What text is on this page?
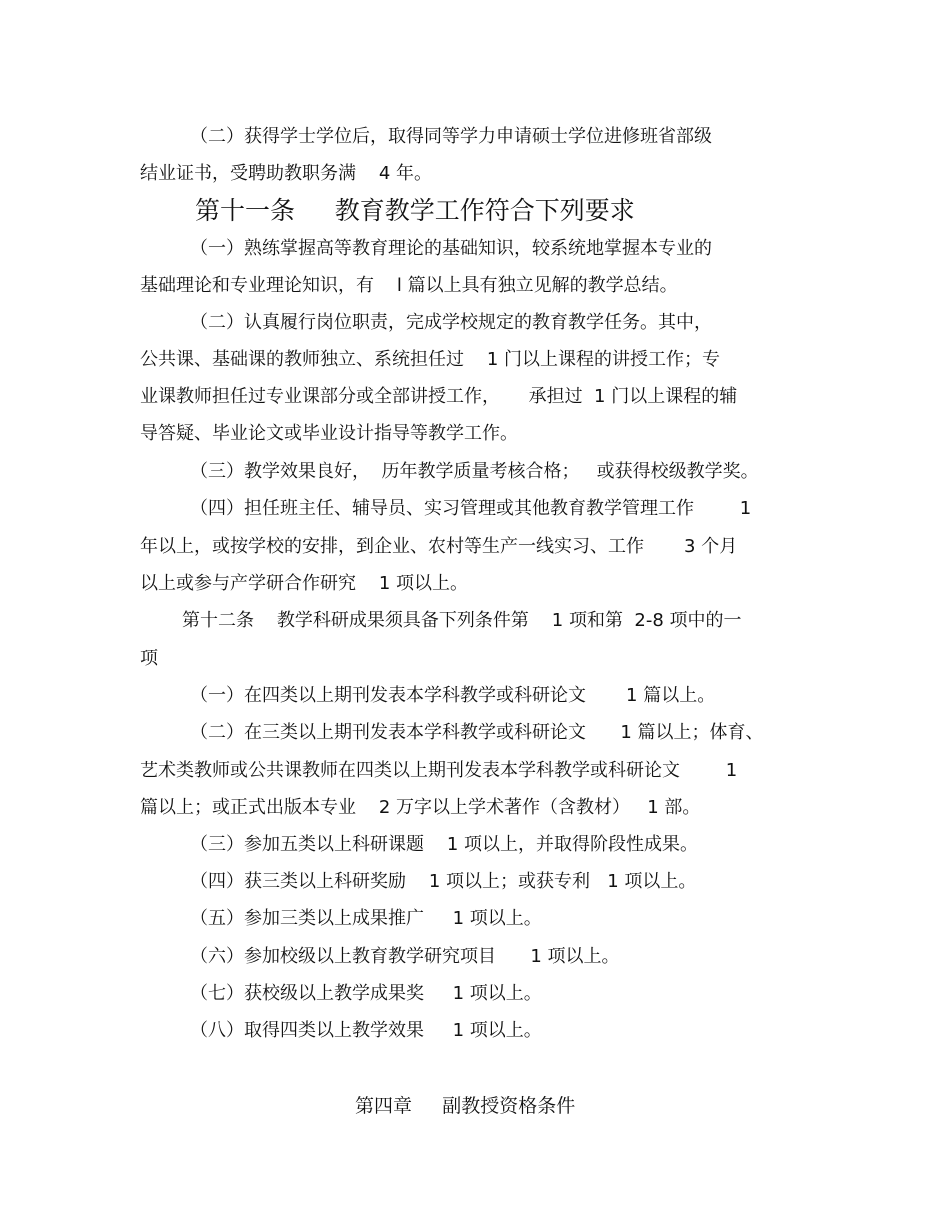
（二）获得学士学位后，取得同等学力申请硕士学位进修班省部级
结业证书，受聘助教职务满    4 年。
第十一条     教育教学工作符合下列要求
（一）熟练掌握高等教育理论的基础知识，较系统地掌握本专业的
基础理论和专业理论知识，有    l 篇以上具有独立见解的教学总结。
（二）认真履行岗位职责，完成学校规定的教育教学任务。其中，
公共课、基础课的教师独立、系统担任过    1 门以上课程的讲授工作；专
业课教师担任过专业课部分或全部讲授工作，     承担过  1 门以上课程的辅
导答疑、毕业论文或毕业设计指导等教学工作。
（三）教学效果良好，  历年教学质量考核合格；   或获得校级教学奖。
（四）担任班主任、辅导员、实习管理或其他教育教学管理工作        1
年以上，或按学校的安排，到企业、农村等生产一线实习、工作       3 个月
以上或参与产学研合作研究    1 项以上。
第十二条    教学科研成果须具备下列条件第    1 项和第  2-8 项中的一
项
（一）在四类以上期刊发表本学科教学或科研论文       1 篇以上。
（二）在三类以上期刊发表本学科教学或科研论文      1 篇以上；体育、
艺术类教师或公共课教师在四类以上期刊发表本学科教学或科研论文        1
篇以上；或正式出版本专业    2 万字以上学术著作（含教材）   1 部。
（三）参加五类以上科研课题    1 项以上，并取得阶段性成果。
（四）获三类以上科研奖励    1 项以上；或获专利   1 项以上。
（五）参加三类以上成果推广     1 项以上。
（六）参加校级以上教育教学研究项目      1 项以上。
（七）获校级以上教学成果奖     1 项以上。
（八）取得四类以上教学效果     1 项以上。
第四章     副教授资格条件
